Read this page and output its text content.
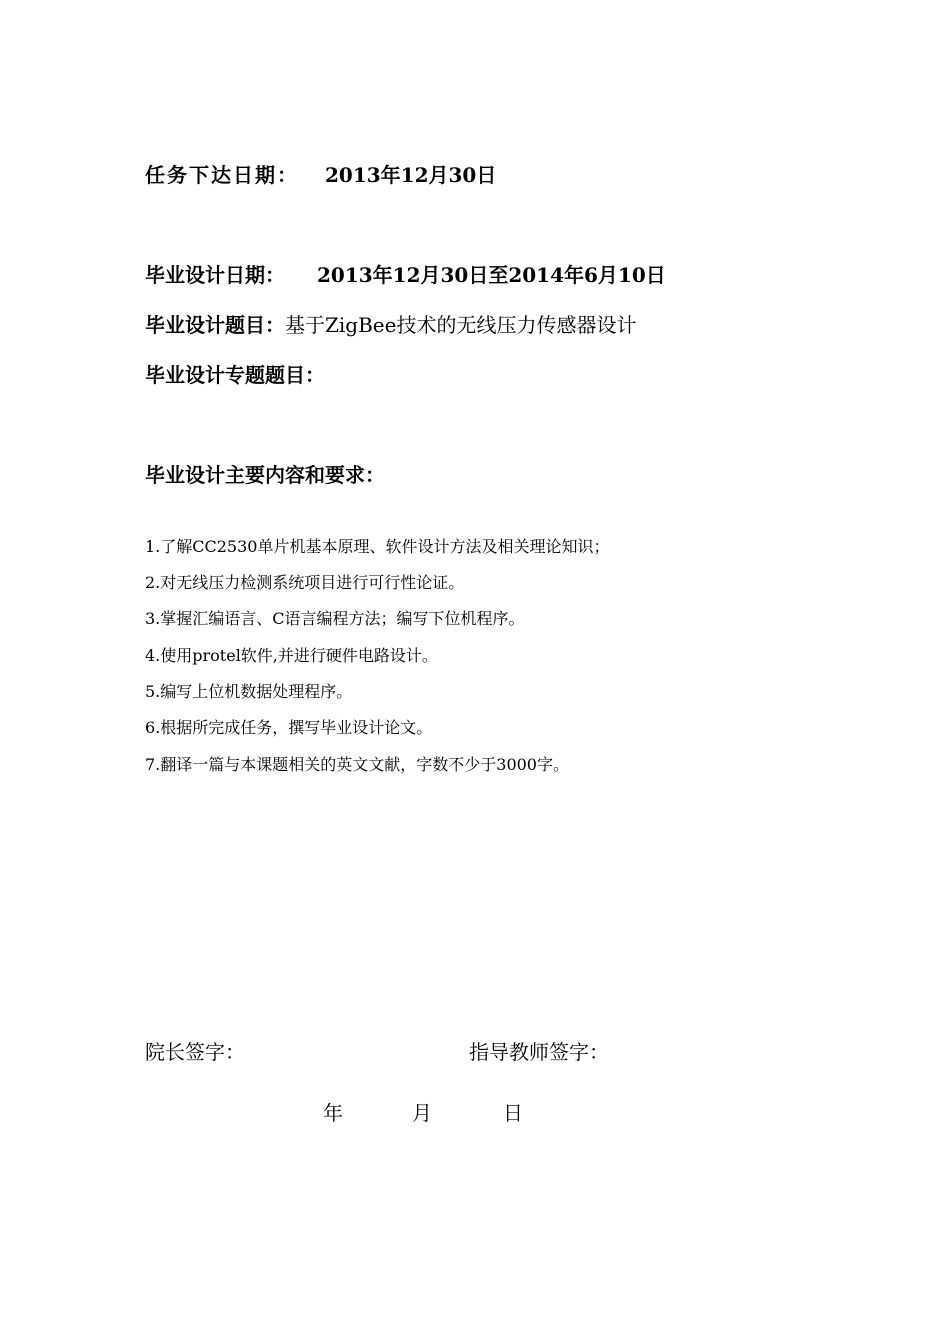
任务下达日期： 2013年12月30日
毕业设计日期： 2013年12月30日至2014年6月10日
毕业设计题目：基于ZigBee技术的无线压力传感器设计
毕业设计专题题目：
毕业设计主要内容和要求：
1.了解CC2530单片机基本原理、软件设计方法及相关理论知识；
2.对无线压力检测系统项目进行可行性论证。
3.掌握汇编语言、C语言编程方法；编写下位机程序。
4.使用protel软件,并进行硬件电路设计。
5.编写上位机数据处理程序。
6.根据所完成任务，撰写毕业设计论文。
7.翻译一篇与本课题相关的英文文献，字数不少于3000字。
院长签字：	指导教师签字：
年	月	日
